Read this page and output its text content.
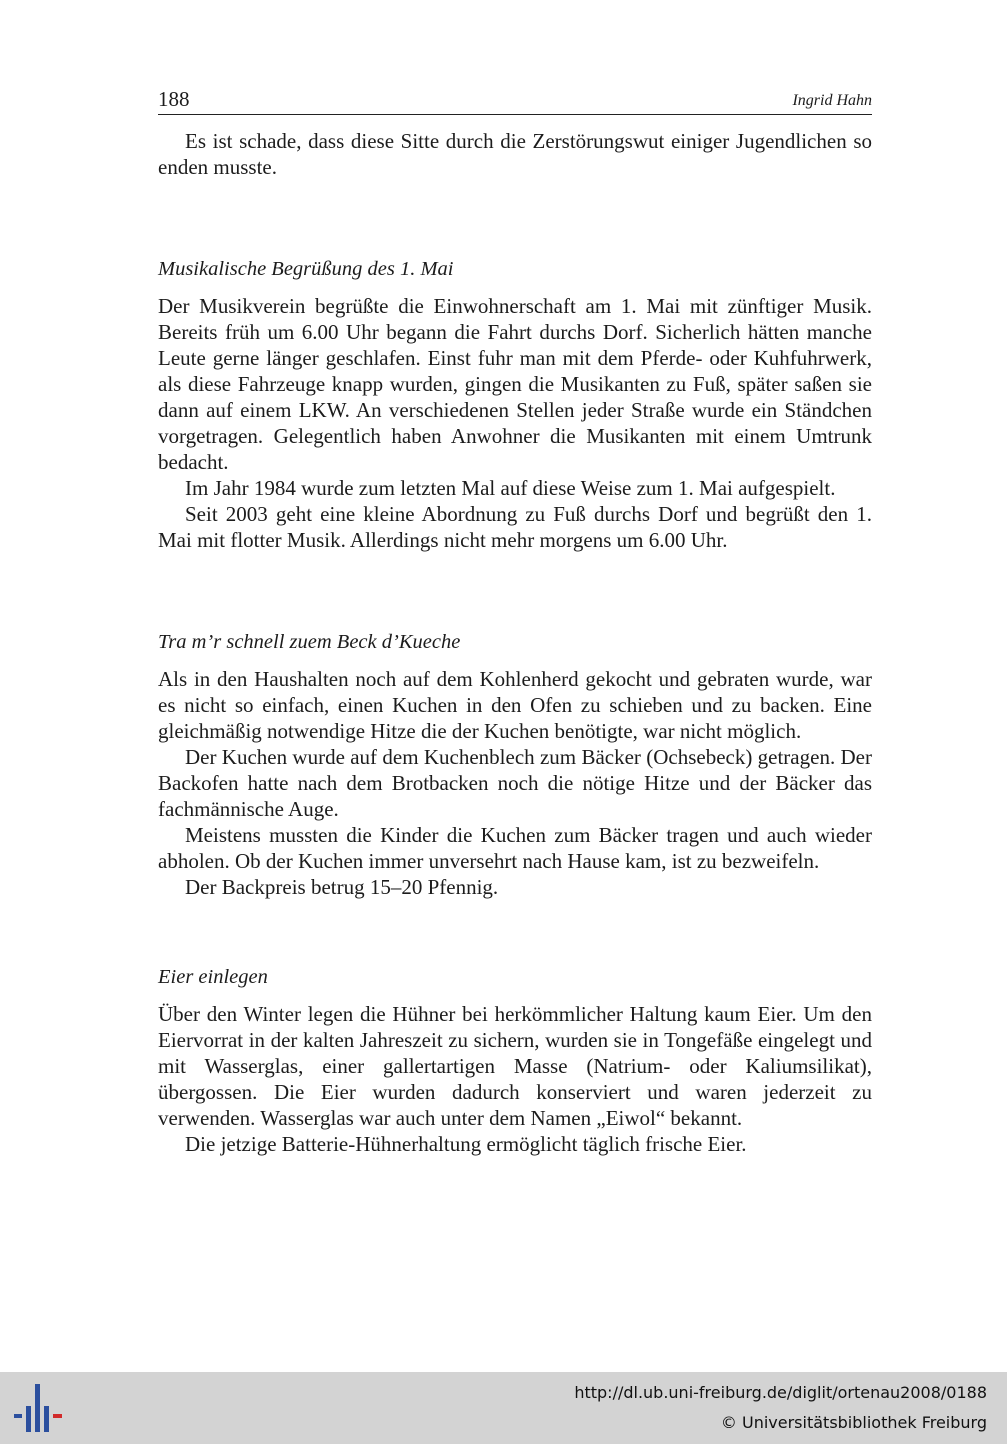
188	Ingrid Hahn

Es ist schade, dass diese Sitte durch die Zerstörungswut einiger Jugendlichen so enden musste.

Musikalische Begrüßung des 1. Mai

Der Musikverein begrüßte die Einwohnerschaft am 1. Mai mit zünftiger Musik. Bereits früh um 6.00 Uhr begann die Fahrt durchs Dorf. Sicherlich hätten manche Leute gerne länger geschlafen. Einst fuhr man mit dem Pferde- oder Kuhfuhrwerk, als diese Fahrzeuge knapp wurden, gingen die Musikanten zu Fuß, später saßen sie dann auf einem LKW. An verschiedenen Stellen jeder Straße wurde ein Ständchen vorgetragen. Gelegentlich haben Anwohner die Musikanten mit einem Umtrunk bedacht.

Im Jahr 1984 wurde zum letzten Mal auf diese Weise zum 1. Mai aufgespielt.

Seit 2003 geht eine kleine Abordnung zu Fuß durchs Dorf und begrüßt den 1. Mai mit flotter Musik. Allerdings nicht mehr morgens um 6.00 Uhr.

Tra m’r schnell zuem Beck d’Kueche

Als in den Haushalten noch auf dem Kohlenherd gekocht und gebraten wurde, war es nicht so einfach, einen Kuchen in den Ofen zu schieben und zu backen. Eine gleichmäßig notwendige Hitze die der Kuchen benötigte, war nicht möglich.

Der Kuchen wurde auf dem Kuchenblech zum Bäcker (Ochsebeck) getragen. Der Backofen hatte nach dem Brotbacken noch die nötige Hitze und der Bäcker das fachmännische Auge.

Meistens mussten die Kinder die Kuchen zum Bäcker tragen und auch wieder abholen. Ob der Kuchen immer unversehrt nach Hause kam, ist zu bezweifeln.

Der Backpreis betrug 15–20 Pfennig.

Eier einlegen

Über den Winter legen die Hühner bei herkömmlicher Haltung kaum Eier. Um den Eiervorrat in der kalten Jahreszeit zu sichern, wurden sie in Tongefäße eingelegt und mit Wasserglas, einer gallertartigen Masse (Natrium- oder Kaliumsilikat), übergossen. Die Eier wurden dadurch konserviert und waren jederzeit zu verwenden. Wasserglas war auch unter dem Namen „Eiwol“ bekannt.

Die jetzige Batterie-Hühnerhaltung ermöglicht täglich frische Eier.

http://dl.ub.uni-freiburg.de/diglit/ortenau2008/0188
© Universitätsbibliothek Freiburg
